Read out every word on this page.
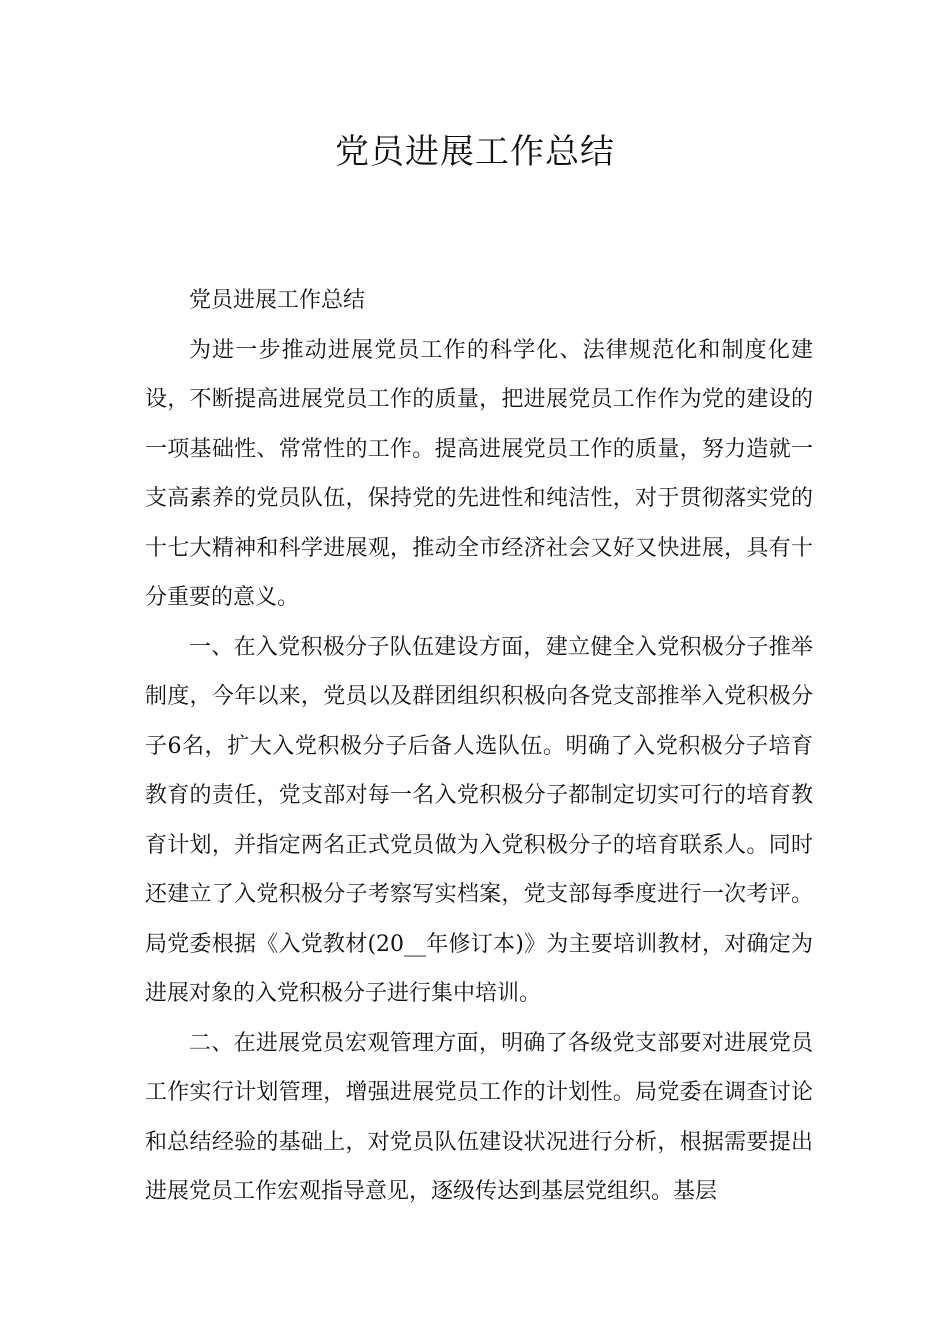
党员进展工作总结

党员进展工作总结

为进一步推动进展党员工作的科学化、法律规范化和制度化建设，不断提高进展党员工作的质量，把进展党员工作作为党的建设的一项基础性、常常性的工作。提高进展党员工作的质量，努力造就一支高素养的党员队伍，保持党的先进性和纯洁性，对于贯彻落实党的十七大精神和科学进展观，推动全市经济社会又好又快进展，具有十分重要的意义。

一、在入党积极分子队伍建设方面，建立健全入党积极分子推举制度，今年以来，党员以及群团组织积极向各党支部推举入党积极分子6名，扩大入党积极分子后备人选队伍。明确了入党积极分子培育教育的责任，党支部对每一名入党积极分子都制定切实可行的培育教育计划，并指定两名正式党员做为入党积极分子的培育联系人。同时还建立了入党积极分子考察写实档案，党支部每季度进行一次考评。局党委根据《入党教材(20__年修订本)》为主要培训教材，对确定为进展对象的入党积极分子进行集中培训。

二、在进展党员宏观管理方面，明确了各级党支部要对进展党员工作实行计划管理，增强进展党员工作的计划性。局党委在调查讨论和总结经验的基础上，对党员队伍建设状况进行分析，根据需要提出进展党员工作宏观指导意见，逐级传达到基层党组织。基层
